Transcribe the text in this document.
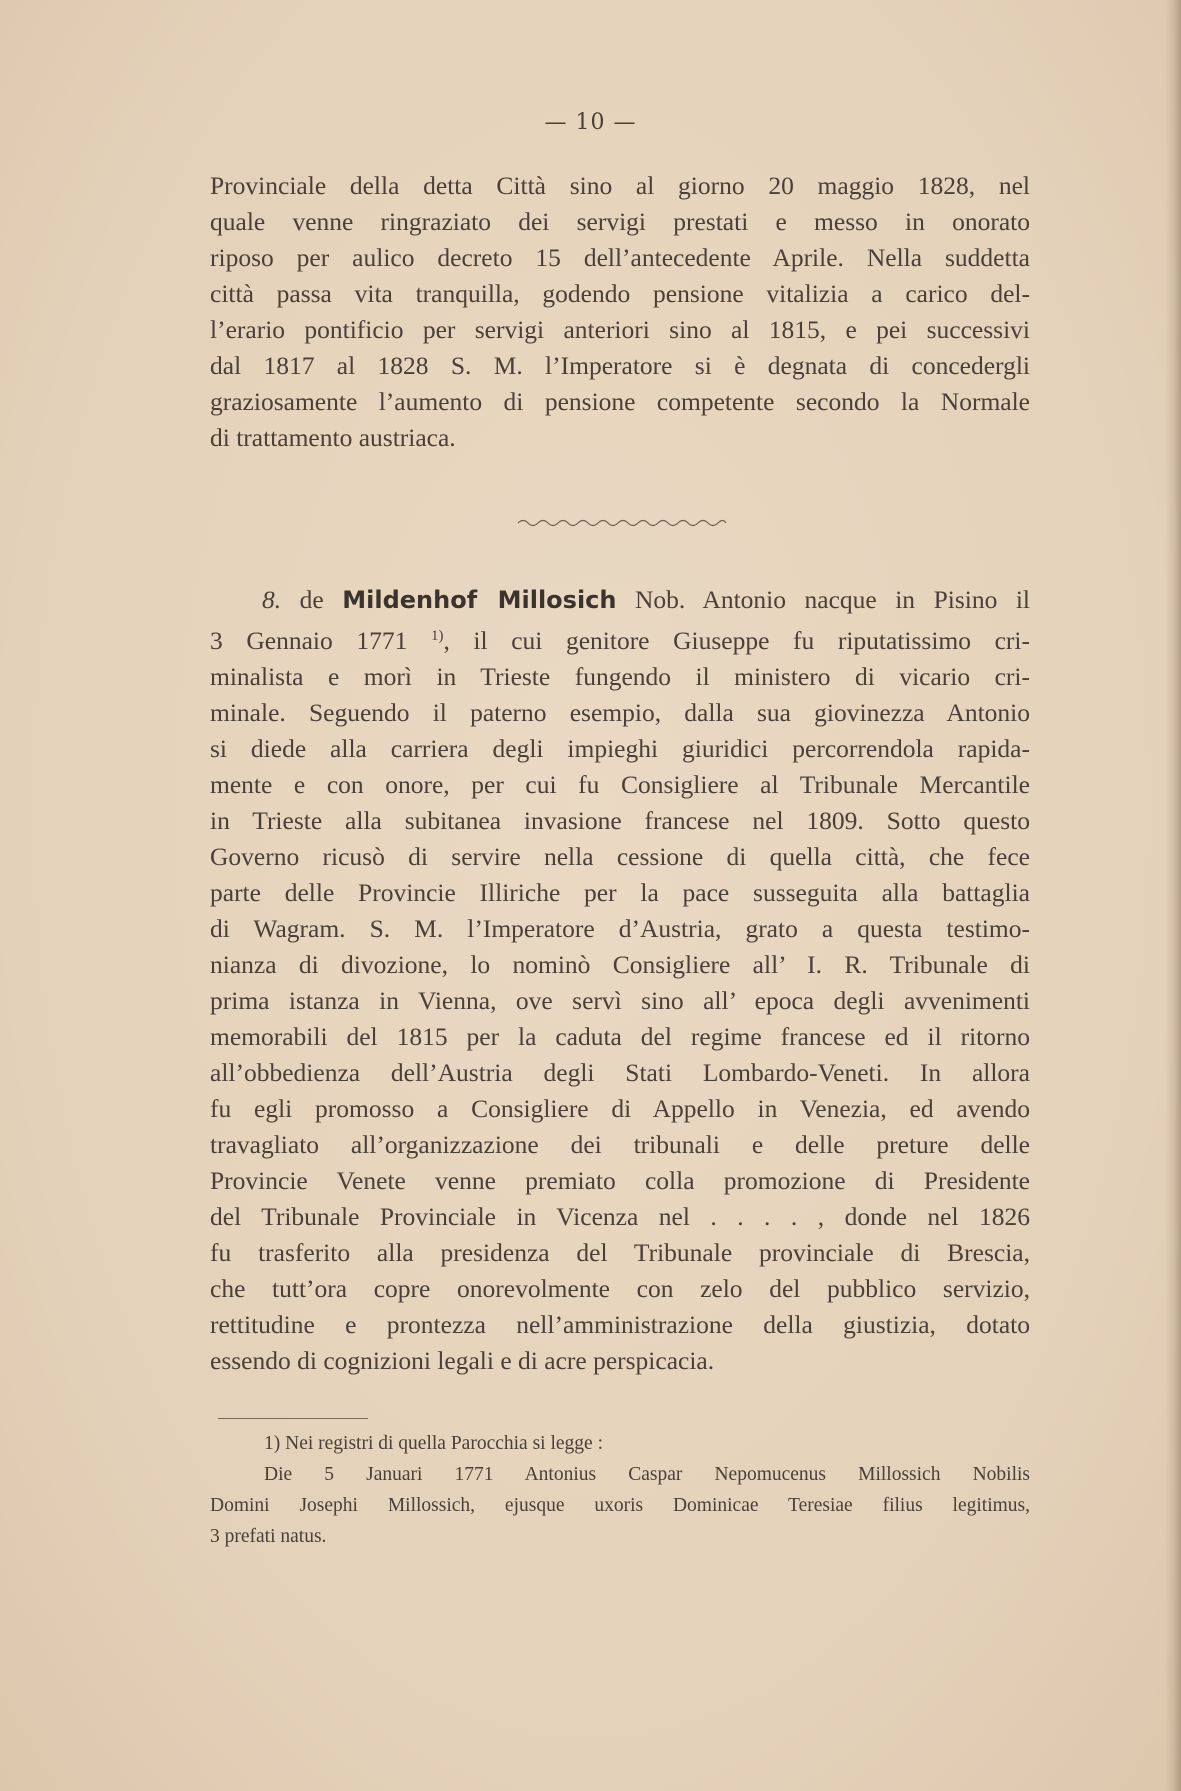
— 10 —
Provinciale della detta Città sino al giorno 20 maggio 1828, nel
quale venne ringraziato dei servigi prestati e messo in onorato
riposo per aulico decreto 15 dell’antecedente Aprile. Nella suddetta
città passa vita tranquilla, godendo pensione vitalizia a carico del-
l’erario pontificio per servigi anteriori sino al 1815, e pei successivi
dal 1817 al 1828 S. M. l’Imperatore si è degnata di concedergli
graziosamente l’aumento di pensione competente secondo la Normale
di trattamento austriaca.
8. de Mildenhof Millosich Nob. Antonio nacque in Pisino il
3 Gennaio 1771 $^{1)}$, il cui genitore Giuseppe fu riputatissimo cri-
minalista e morì in Trieste fungendo il ministero di vicario cri-
minale. Seguendo il paterno esempio, dalla sua giovinezza Antonio
si diede alla carriera degli impieghi giuridici percorrendola rapida-
mente e con onore, per cui fu Consigliere al Tribunale Mercantile
in Trieste alla subitanea invasione francese nel 1809. Sotto questo
Governo ricusò di servire nella cessione di quella città, che fece
parte delle Provincie Illiriche per la pace susseguita alla battaglia
di Wagram. S. M. l’Imperatore d’Austria, grato a questa testimo-
nianza di divozione, lo nominò Consigliere all’ I. R. Tribunale di
prima istanza in Vienna, ove servì sino all’ epoca degli avvenimenti
memorabili del 1815 per la caduta del regime francese ed il ritorno
all’obbedienza dell’Austria degli Stati Lombardo-Veneti. In allora
fu egli promosso a Consigliere di Appello in Venezia, ed avendo
travagliato all’organizzazione dei tribunali e delle preture delle
Provincie Venete venne premiato colla promozione di Presidente
del Tribunale Provinciale in Vicenza nel . . . . , donde nel 1826
fu trasferito alla presidenza del Tribunale provinciale di Brescia,
che tutt’ora copre onorevolmente con zelo del pubblico servizio,
rettitudine e prontezza nell’amministrazione della giustizia, dotato
essendo di cognizioni legali e di acre perspicacia.
1) Nei registri di quella Parocchia si legge :
Die 5 Januari 1771 Antonius Caspar Nepomucenus Millossich Nobilis
Domini Josephi Millossich, ejusque uxoris Dominicae Teresiae filius legitimus,
3 prefati natus.
